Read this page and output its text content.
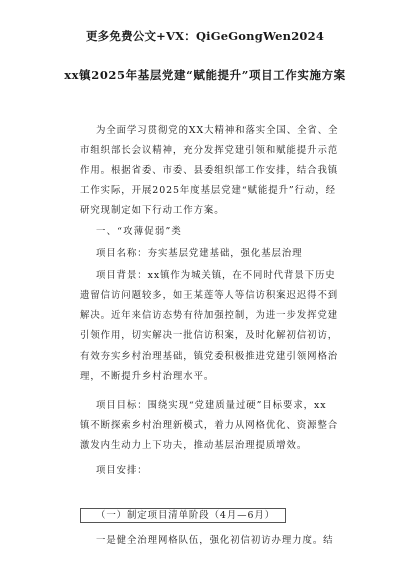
更多免费公文+VX：QiGeGongWen2024
xx镇2025年基层党建“赋能提升”项目工作实施方案
为全面学习贯彻党的XX大精神和落实全国、全省、全
市组织部长会议精神，充分发挥党建引领和赋能提升示范
作用。根据省委、市委、县委组织部工作安排，结合我镇
工作实际，开展2025年度基层党建“赋能提升”行动，经
研究现制定如下行动工作方案。
一、“攻薄促弱”类
项目名称：夯实基层党建基础，强化基层治理
项目背景：xx镇作为城关镇，在不同时代背景下历史
遗留信访问题较多，如王某莲等人等信访积案迟迟得不到
解决。近年来信访态势有待加强控制，为进一步发挥党建
引领作用，切实解决一批信访积案，及时化解初信初访，
有效夯实乡村治理基础，镇党委积极推进党建引领网格治
理，不断提升乡村治理水平。
项目目标：围绕实现“党建质量过硬”目标要求，xx
镇不断探索乡村治理新模式，着力从网格优化、资源整合
激发内生动力上下功夫，推动基层治理提质增效。
项目安排：
（一）制定项目清单阶段（4月—6月）
一是健全治理网格队伍，强化初信初访办理力度。结
